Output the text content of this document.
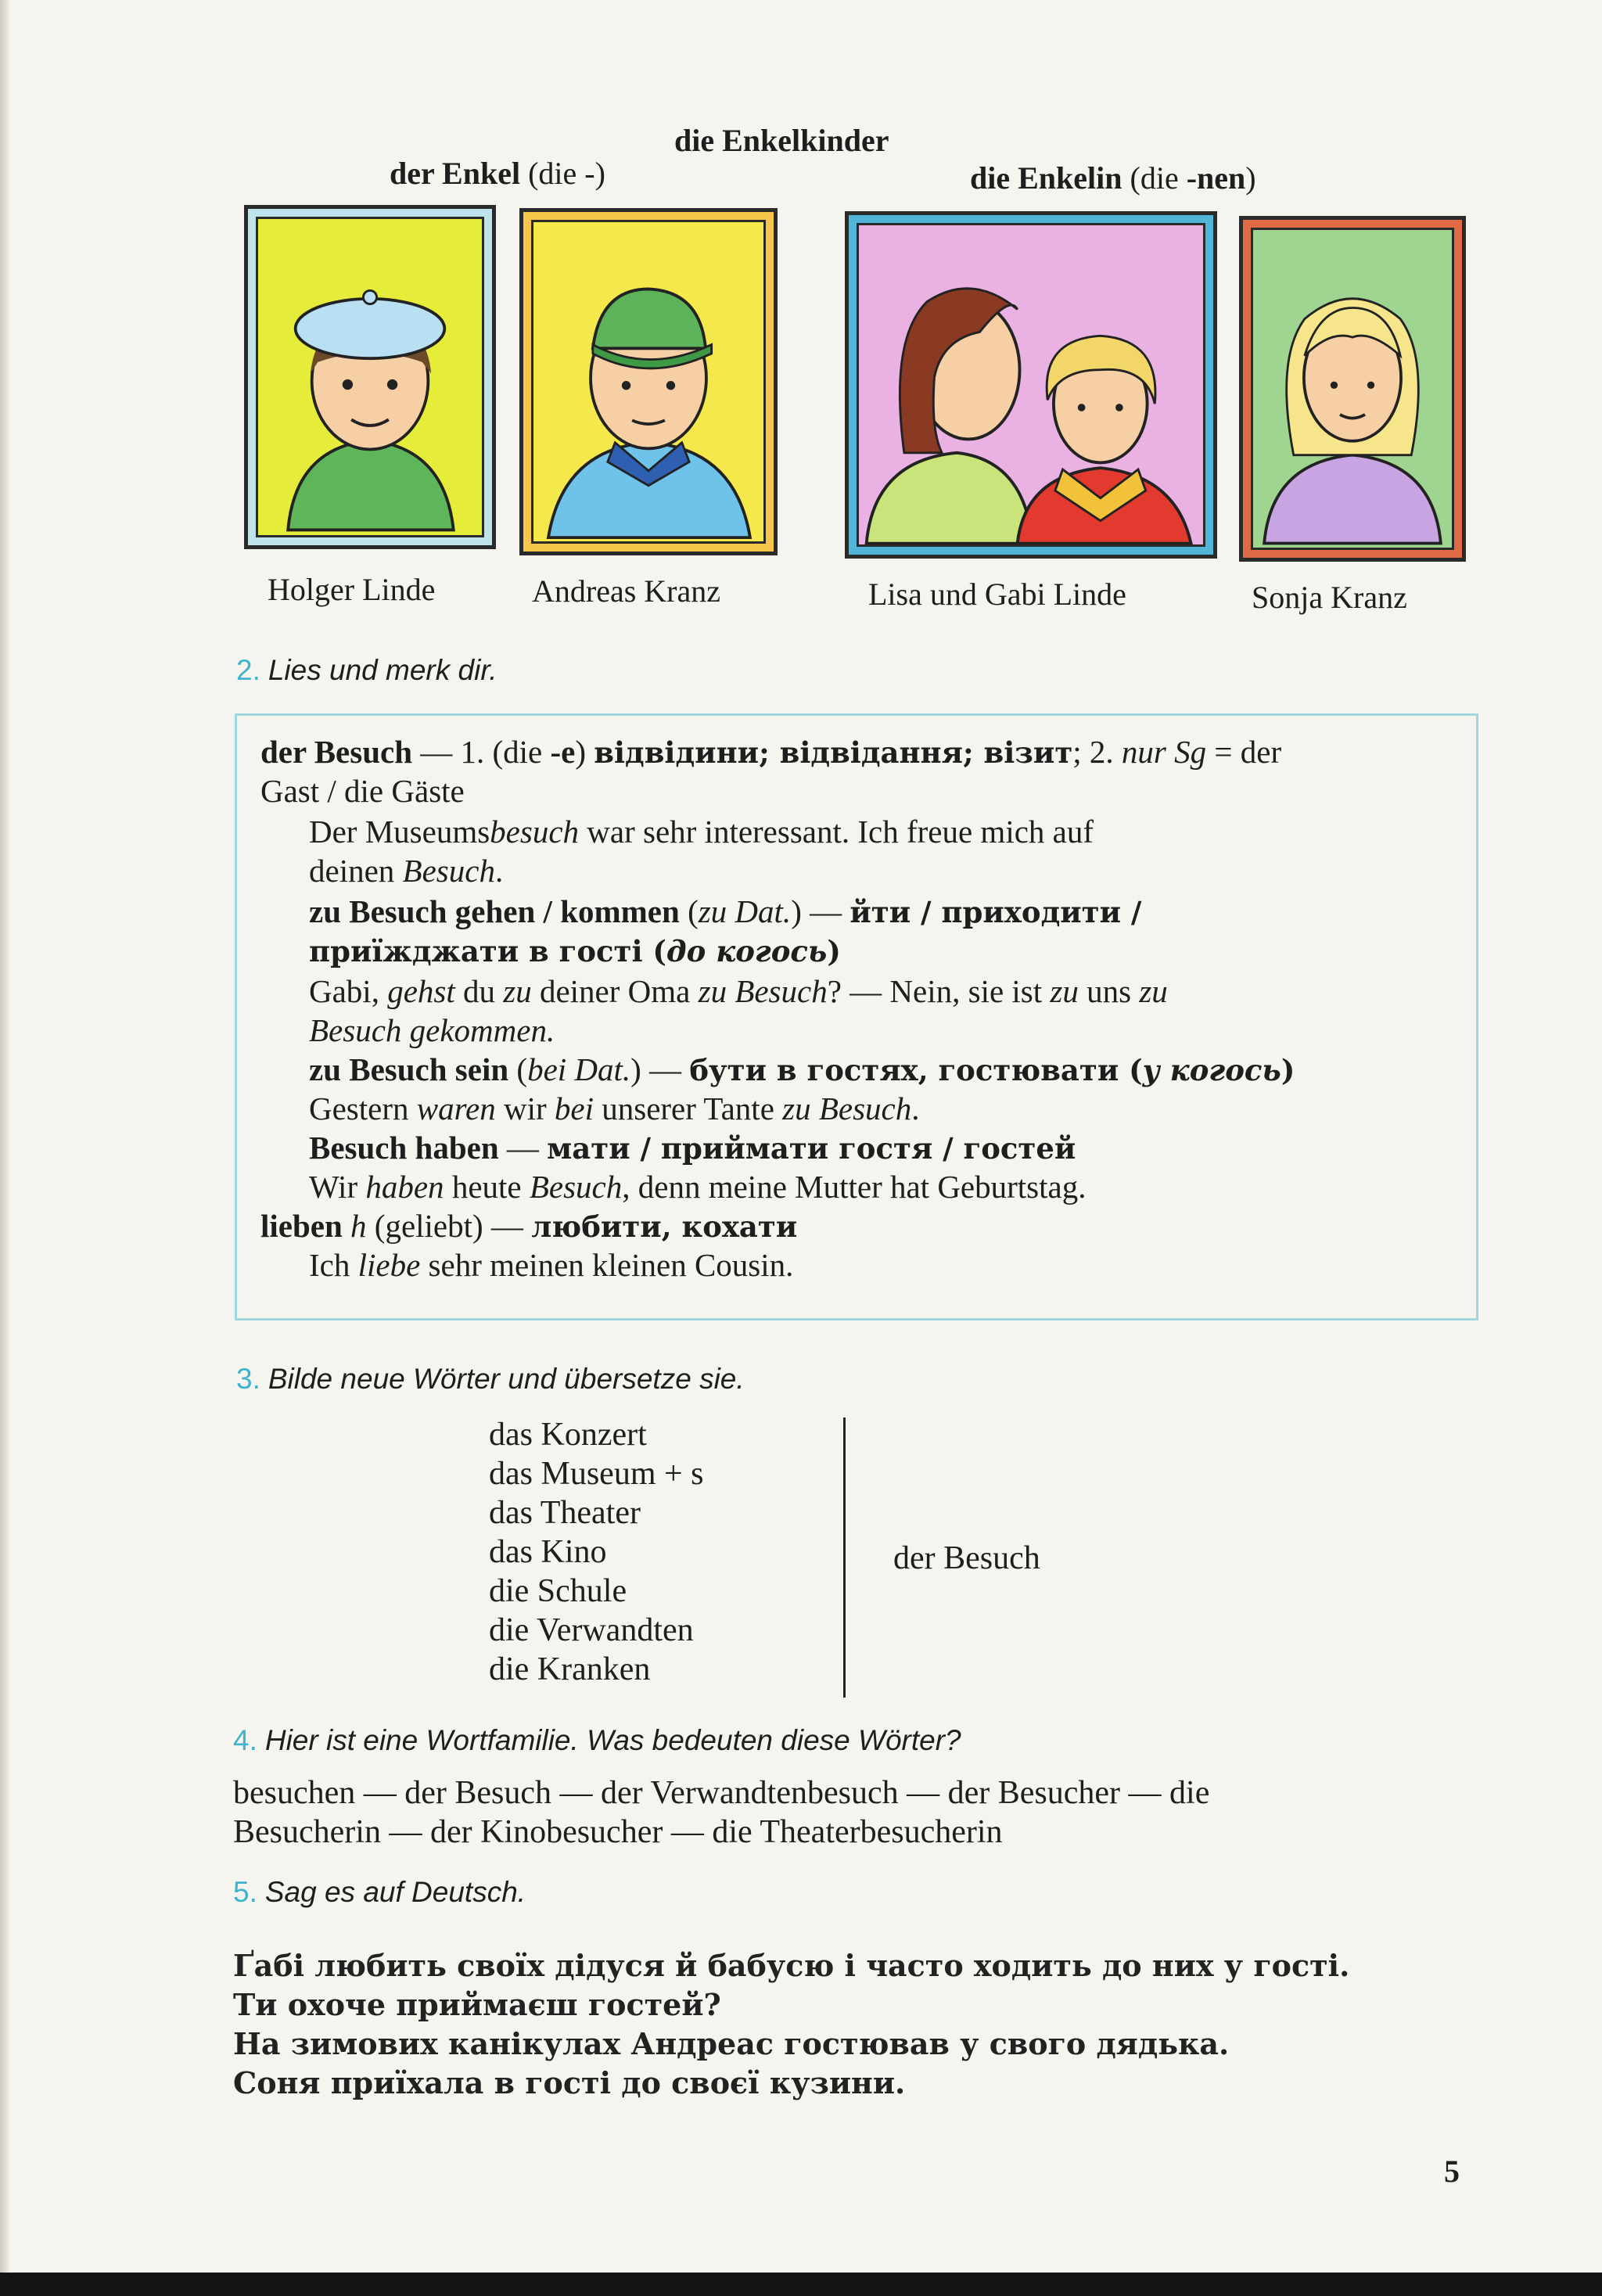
die Enkelkinder
der Enkel (die -)	die Enkelin (die -nen)
Holger Linde	Andreas Kranz	Lisa und Gabi Linde	Sonja Kranz
2. Lies und merk dir.
der Besuch — 1. (die -e) відвідини; відвідання; візит; 2. nur Sg = der
Gast / die Gäste
Der Museumsbesuch war sehr interessant. Ich freue mich auf
deinen Besuch.
zu Besuch gehen / kommen (zu Dat.) — йти / приходити /
приїжджати в гості (до когось)
Gabi, gehst du zu deiner Oma zu Besuch? — Nein, sie ist zu uns zu
Besuch gekommen.
zu Besuch sein (bei Dat.) — бути в гостях, гостювати (у когось)
Gestern waren wir bei unserer Tante zu Besuch.
Besuch haben — мати / приймати гостя / гостей
Wir haben heute Besuch, denn meine Mutter hat Geburtstag.
lieben h (geliebt) — любити, кохати
Ich liebe sehr meinen kleinen Cousin.
3. Bilde neue Wörter und übersetze sie.
das Konzert
das Museum + s
das Theater
das Kino
die Schule
die Verwandten
die Kranken
der Besuch
4. Hier ist eine Wortfamilie. Was bedeuten diese Wörter?
besuchen — der Besuch — der Verwandtenbesuch — der Besucher — die
Besucherin — der Kinobesucher — die Theaterbesucherin
5. Sag es auf Deutsch.
Ґабі любить своїх дідуся й бабусю і часто ходить до них у гості.
Ти охоче приймаєш гостей?
На зимових канікулах Андреас гостював у свого дядька.
Соня приїхала в гості до своєї кузини.
5
